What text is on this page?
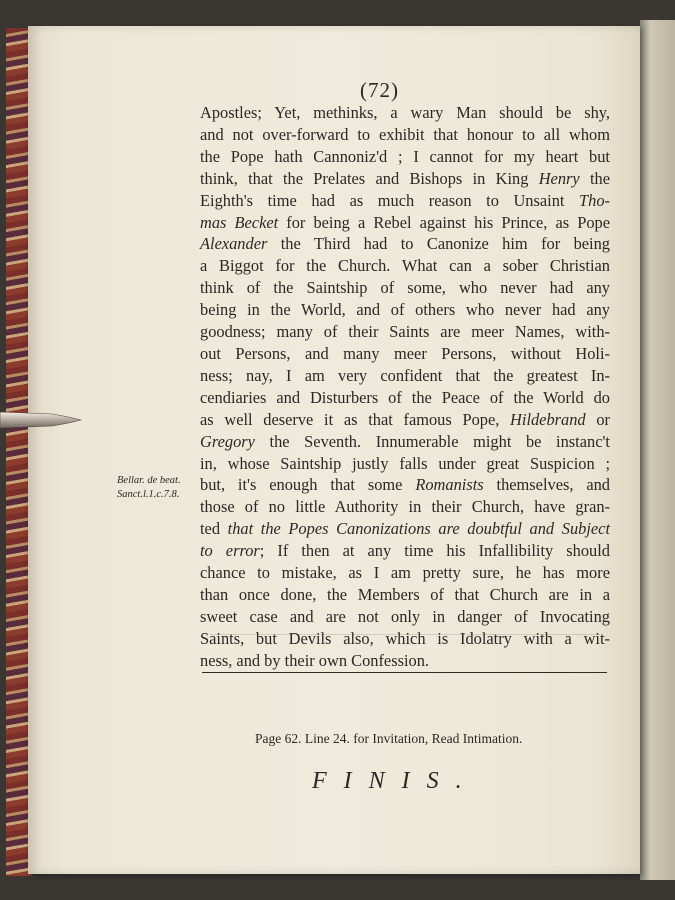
(72)
Apostles; Yet, methinks, a wary Man should be shy,
and not over-forward to exhibit that honour to all whom
the Pope hath Cannoniz'd ; I cannot for my heart but
think, that the Prelates and Bishops in King Henry the
Eighth's time had as much reason to Unsaint Tho-
mas Becket for being a Rebel against his Prince, as Pope
Alexander the Third had to Canonize him for being
a Biggot for the Church. What can a sober Christian
think of the Saintship of some, who never had any
being in the World, and of others who never had any
goodness; many of their Saints are meer Names, with-
out Persons, and many meer Persons, without Holi-
ness; nay, I am very confident that the greatest In-
cendiaries and Disturbers of the Peace of the World do
as well deserve it as that famous Pope, Hildebrand or
Gregory the Seventh. Innumerable might be instanc't
in, whose Saintship justly falls under great Suspicion ;
but, it's enough that some Romanists themselves, and
those of no little Authority in their Church, have gran-
ted that the Popes Canonizations are doubtful and Subject
to error; If then at any time his Infallibility should
chance to mistake, as I am pretty sure, he has more
than once done, the Members of that Church are in a
sweet case and are not only in danger of Invocating
Saints, but Devils also, which is Idolatry with a wit-
ness, and by their own Confession.
Bellar. de beat.
Sanct.l.1.c.7.8.
Page 62. Line 24. for Invitation, Read Intimation.
FINIS.
